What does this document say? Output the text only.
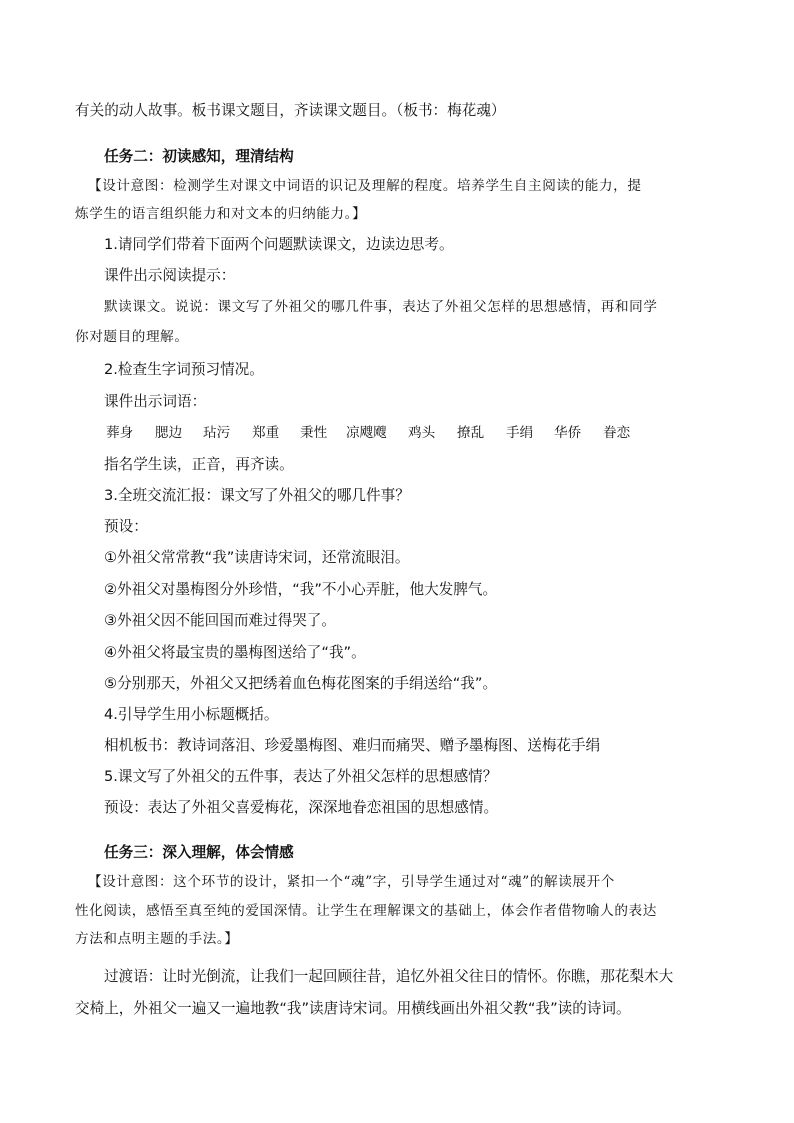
有关的动人故事。板书课文题目，齐读课文题目。（板书：梅花魂）
任务二：初读感知，理清结构
【设计意图：检测学生对课文中词语的识记及理解的程度。培养学生自主阅读的能力，提
炼学生的语言组织能力和对文本的归纳能力。】
1.请同学们带着下面两个问题默读课文，边读边思考。
课件出示阅读提示：
默读课文。说说：课文写了外祖父的哪几件事，表达了外祖父怎样的思想感情，再和同学
你对题目的理解。
2.检查生字词预习情况。
课件出示词语：
葬身 腮边 玷污 郑重 秉性 凉飕飕 鸡头 撩乱 手绢 华侨 眷恋
指名学生读，正音，再齐读。
3.全班交流汇报：课文写了外祖父的哪几件事？
预设：
①外祖父常常教“我”读唐诗宋词，还常流眼泪。
②外祖父对墨梅图分外珍惜，“我”不小心弄脏，他大发脾气。
③外祖父因不能回国而难过得哭了。
④外祖父将最宝贵的墨梅图送给了“我”。
⑤分别那天，外祖父又把绣着血色梅花图案的手绢送给“我”。
4.引导学生用小标题概括。
相机板书：教诗词落泪、珍爱墨梅图、难归而痛哭、赠予墨梅图、送梅花手绢
5.课文写了外祖父的五件事，表达了外祖父怎样的思想感情？
预设：表达了外祖父喜爱梅花，深深地眷恋祖国的思想感情。
任务三：深入理解，体会情感
【设计意图：这个环节的设计，紧扣一个“魂”字，引导学生通过对“魂”的解读展开个
性化阅读，感悟至真至纯的爱国深情。让学生在理解课文的基础上，体会作者借物喻人的表达
方法和点明主题的手法。】
过渡语：让时光倒流，让我们一起回顾往昔，追忆外祖父往日的情怀。你瞧，那花梨木大
交椅上，外祖父一遍又一遍地教“我”读唐诗宋词。用横线画出外祖父教“我”读的诗词。
